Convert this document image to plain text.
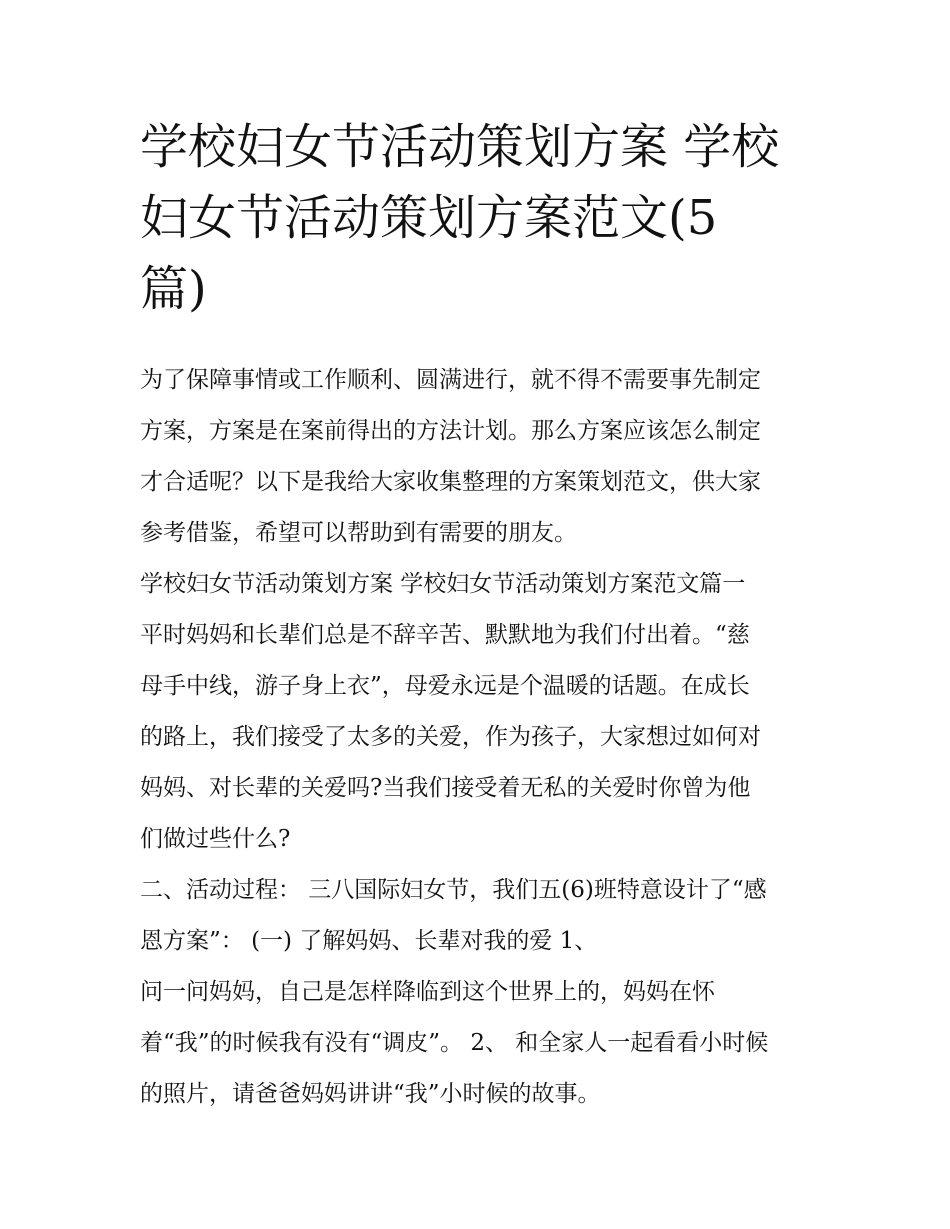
学校妇女节活动策划方案 学校
妇女节活动策划方案范文(5
篇)
为了保障事情或工作顺利、圆满进行，就不得不需要事先制定
方案，方案是在案前得出的方法计划。那么方案应该怎么制定
才合适呢？以下是我给大家收集整理的方案策划范文，供大家
参考借鉴，希望可以帮助到有需要的朋友。
学校妇女节活动策划方案 学校妇女节活动策划方案范文篇一
平时妈妈和长辈们总是不辞辛苦、默默地为我们付出着。“慈
母手中线，游子身上衣”，母爱永远是个温暖的话题。在成长
的路上，我们接受了太多的关爱，作为孩子，大家想过如何对
妈妈、对长辈的关爱吗?当我们接受着无私的关爱时你曾为他
们做过些什么?
二、活动过程： 三八国际妇女节，我们五(6)班特意设计了“感
恩方案”： (一) 了解妈妈、长辈对我的爱 1、
问一问妈妈，自己是怎样降临到这个世界上的，妈妈在怀
着“我”的时候我有没有“调皮”。 2、 和全家人一起看看小时候
的照片，请爸爸妈妈讲讲“我”小时候的故事。
